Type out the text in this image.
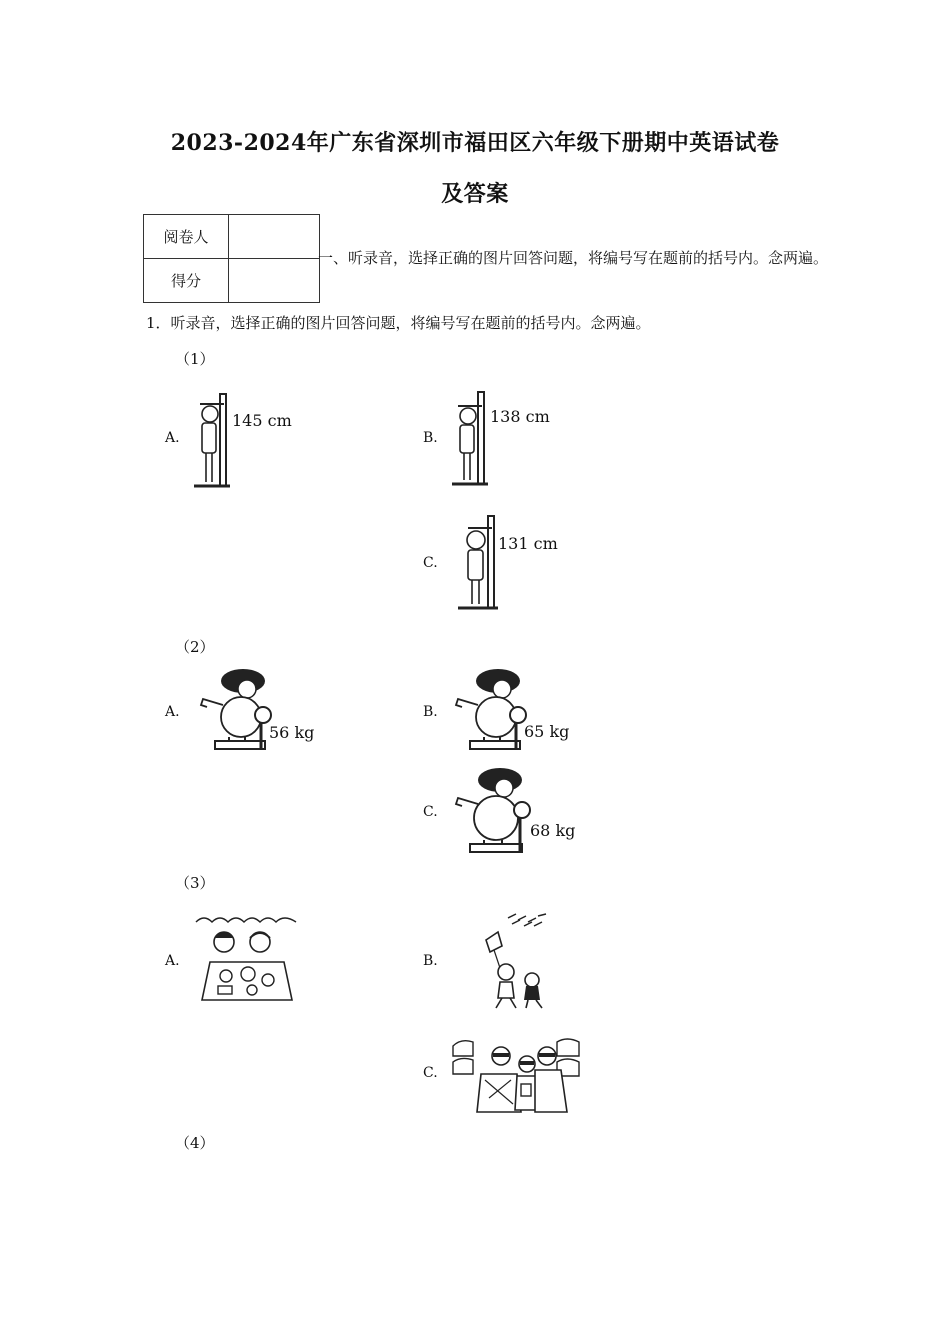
2023-2024年广东省深圳市福田区六年级下册期中英语试卷
及答案
阅卷人	
得分	
一、听录音，选择正确的图片回答问题，将编号写在题前的括号内。念两遍。
1．听录音，选择正确的图片回答问题，将编号写在题前的括号内。念两遍。
（1）
A.
145 cm
B.
138 cm
C.
131 cm
（2）
A.
56 kg
B.
65 kg
C.
68 kg
（3）
A.	B.
C.
（4）
